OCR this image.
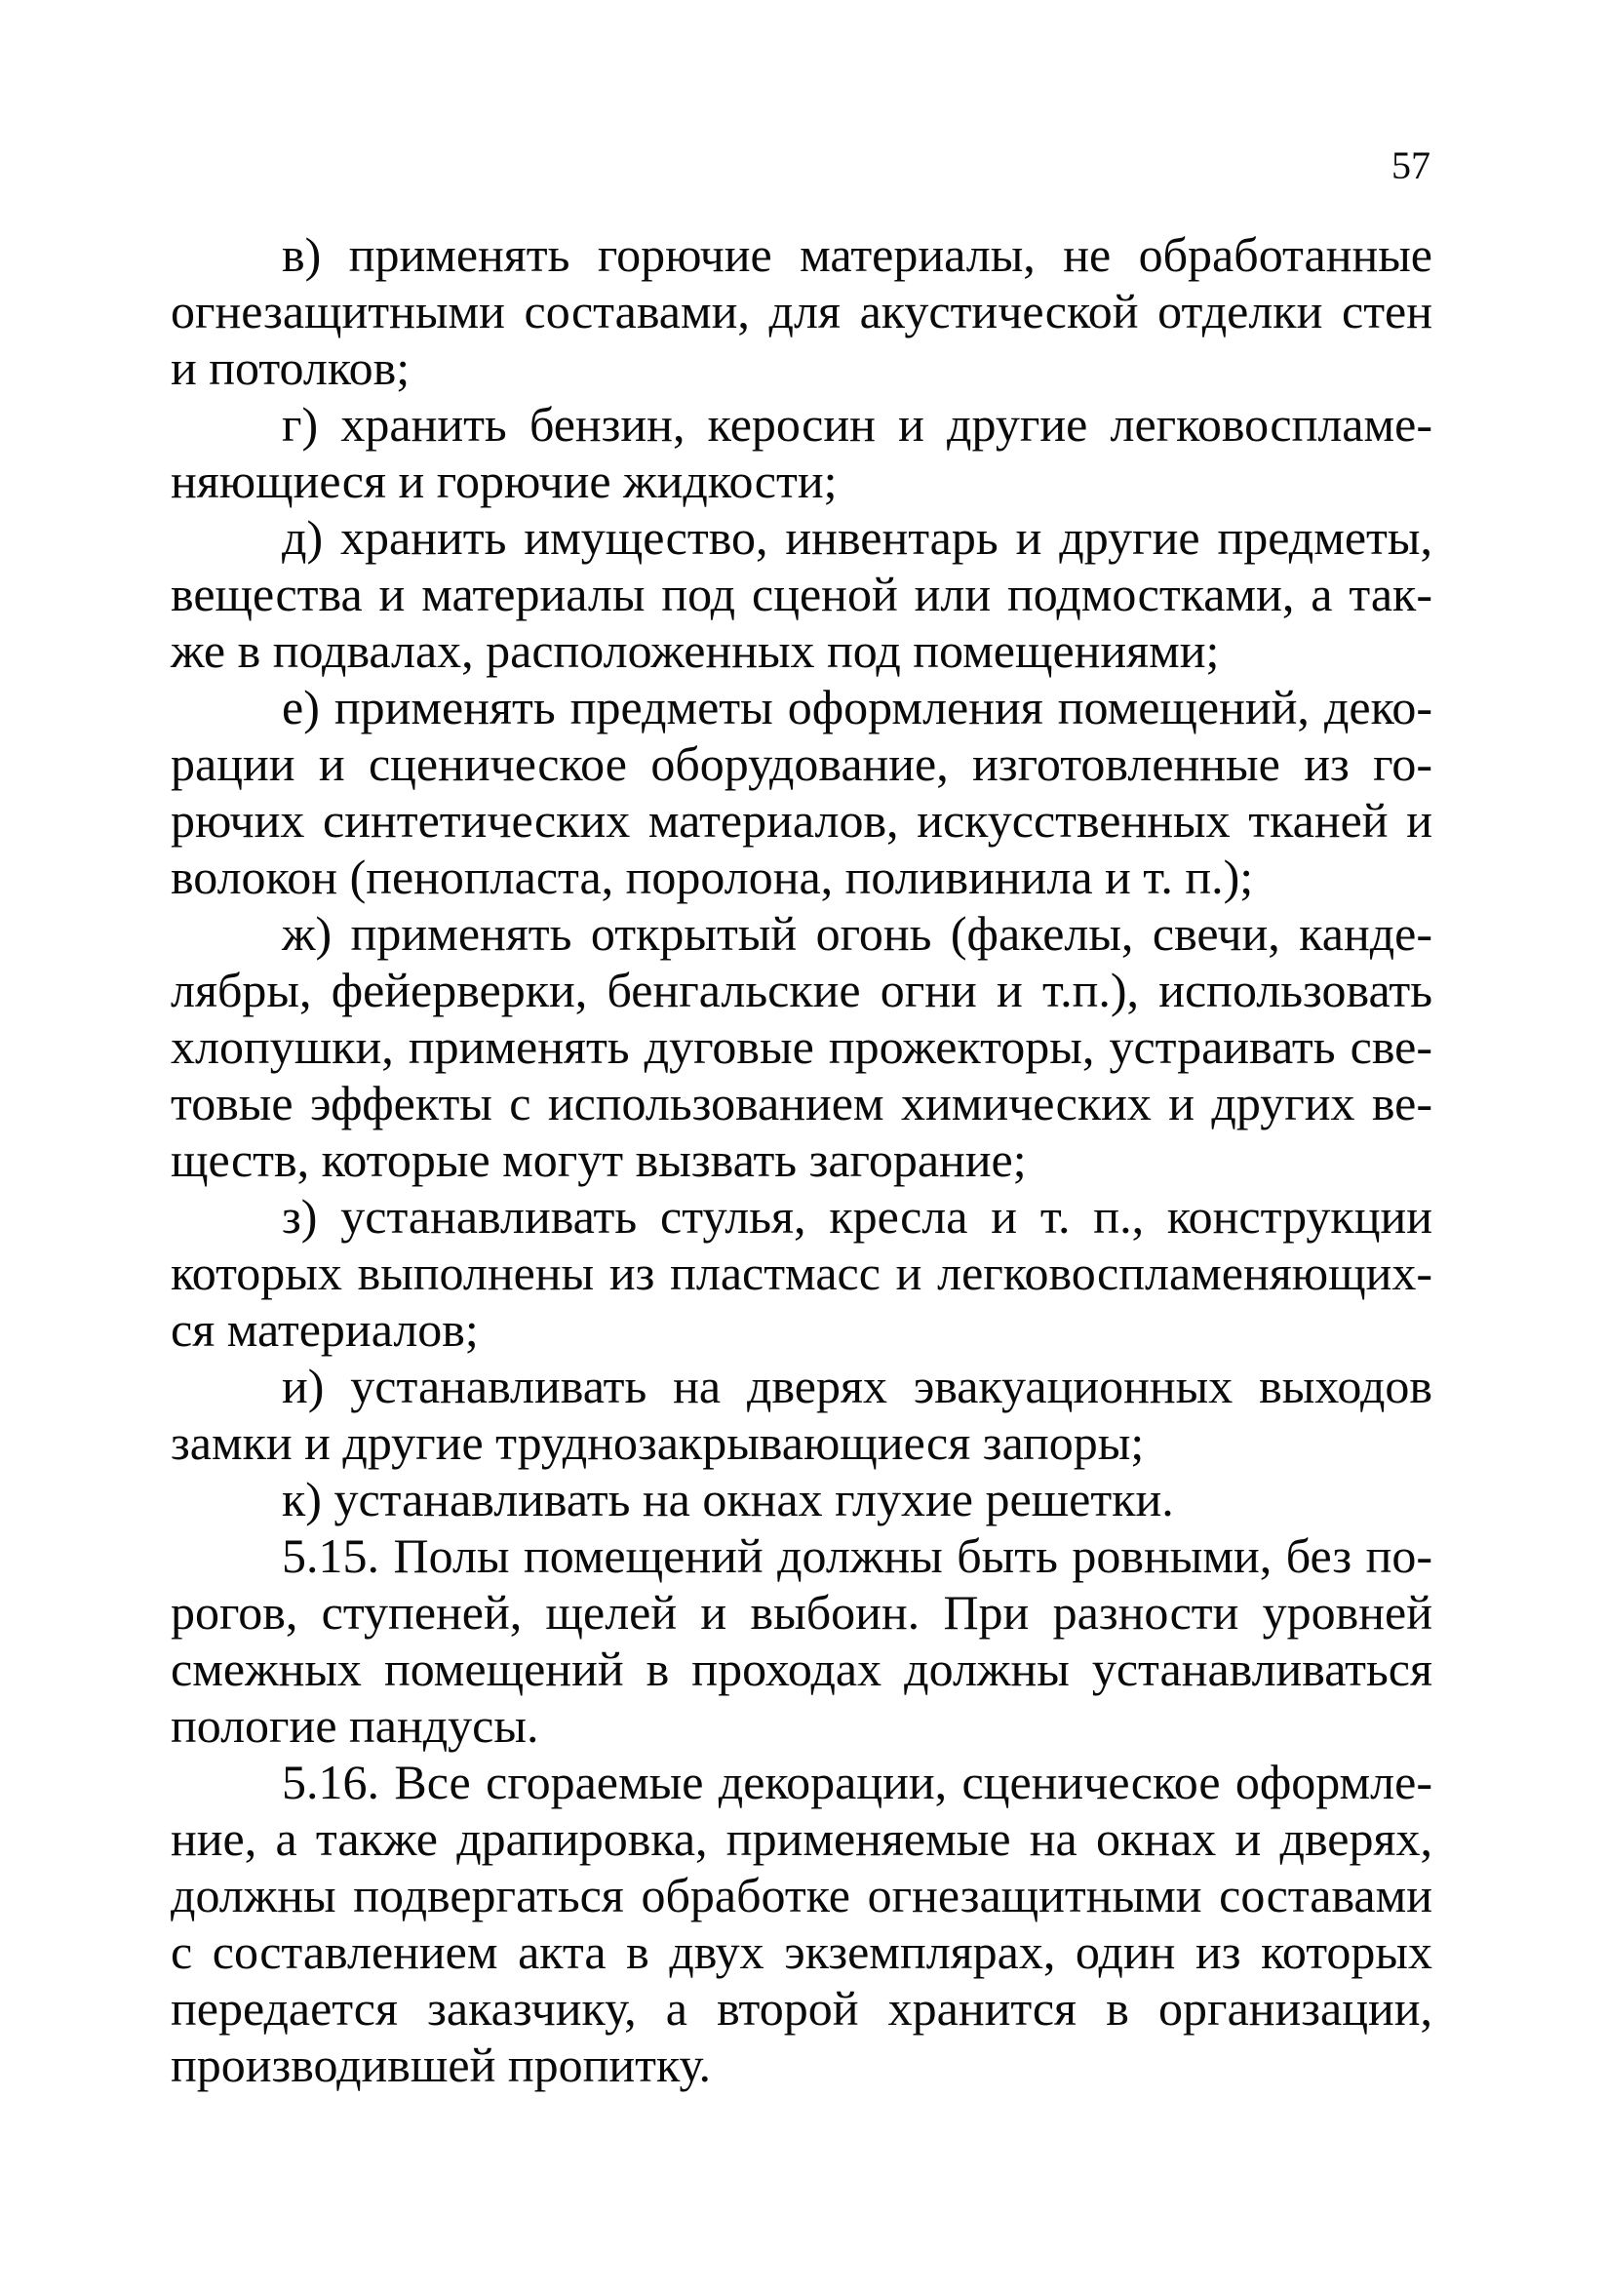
57

в) применять горючие материалы, не обработанные огнезащитными составами, для акустической отделки стен и потолков;

г) хранить бензин, керосин и другие легковоспламеняющиеся и горючие жидкости;

д) хранить имущество, инвентарь и другие предметы, вещества и материалы под сценой или подмостками, а также в подвалах, расположенных под помещениями;

е) применять предметы оформления помещений, декорации и сценическое оборудование, изготовленные из горючих синтетических материалов, искусственных тканей и волокон (пенопласта, поролона, поливинила и т. п.);

ж) применять открытый огонь (факелы, свечи, канделябры, фейерверки, бенгальские огни и т.п.), использовать хлопушки, применять дуговые прожекторы, устраивать световые эффекты с использованием химических и других веществ, которые могут вызвать загорание;

з) устанавливать стулья, кресла и т. п., конструкции которых выполнены из пластмасс и легковоспламеняющихся материалов;

и) устанавливать на дверях эвакуационных выходов замки и другие труднозакрывающиеся запоры;

к) устанавливать на окнах глухие решетки.

5.15. Полы помещений должны быть ровными, без порогов, ступеней, щелей и выбоин. При разности уровней смежных помещений в проходах должны устанавливаться пологие пандусы.

5.16. Все сгораемые декорации, сценическое оформление, а также драпировка, применяемые на окнах и дверях, должны подвергаться обработке огнезащитными составами с составлением акта в двух экземплярах, один из которых передается заказчику, а второй хранится в организации, производившей пропитку.
